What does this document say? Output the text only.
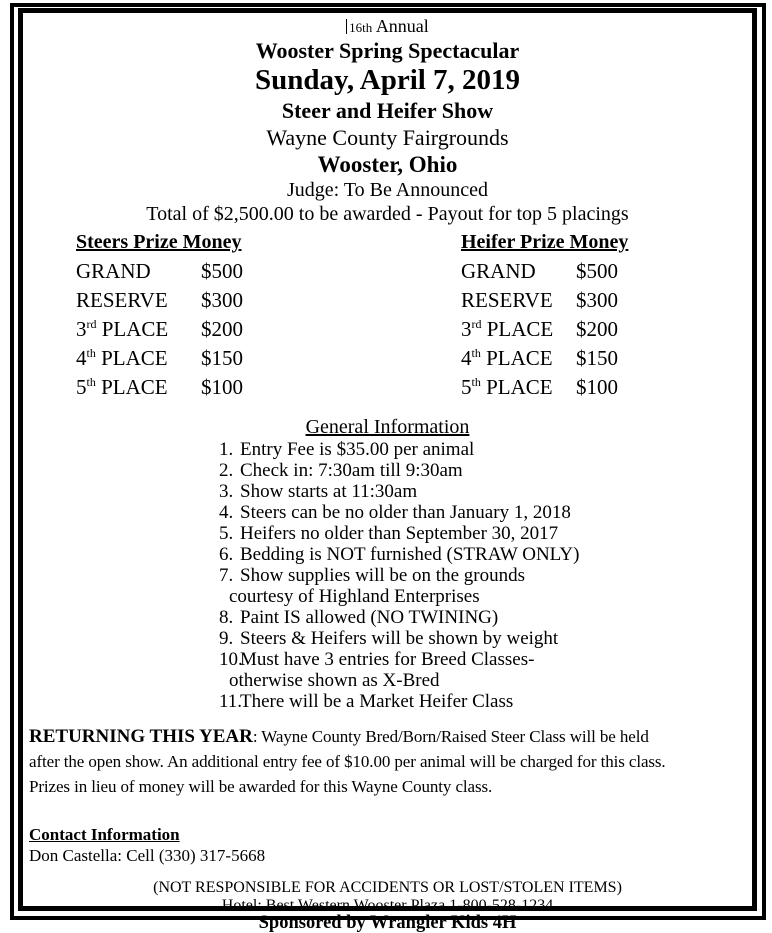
16th Annual
Wooster Spring Spectacular
Sunday, April 7, 2019
Steer and Heifer Show
Wayne County Fairgrounds
Wooster, Ohio
Judge: To Be Announced
Total of $2,500.00 to be awarded - Payout for top 5 placings
Steers Prize Money
GRAND $500
RESERVE $300
3rd PLACE $200
4th PLACE $150
5th PLACE $100
Heifer Prize Money
GRAND $500
RESERVE $300
3rd PLACE $200
4th PLACE $150
5th PLACE $100
General Information
1. Entry Fee is $35.00 per animal
2. Check in: 7:30am till 9:30am
3. Show starts at 11:30am
4. Steers can be no older than January 1, 2018
5. Heifers no older than September 30, 2017
6. Bedding is NOT furnished (STRAW ONLY)
7. Show supplies will be on the grounds
courtesy of Highland Enterprises
8. Paint IS allowed (NO TWINING)
9. Steers & Heifers will be shown by weight
10.Must have 3 entries for Breed Classes-
otherwise shown as X-Bred
11.There will be a Market Heifer Class
RETURNING THIS YEAR: Wayne County Bred/Born/Raised Steer Class will be held
after the open show. An additional entry fee of $10.00 per animal will be charged for this class.
Prizes in lieu of money will be awarded for this Wayne County class.
Contact Information
Don Castella: Cell (330) 317-5668
(NOT RESPONSIBLE FOR ACCIDENTS OR LOST/STOLEN ITEMS)
Hotel: Best Western Wooster Plaza 1-800-528-1234
Sponsored by Wrangler Kids 4H
